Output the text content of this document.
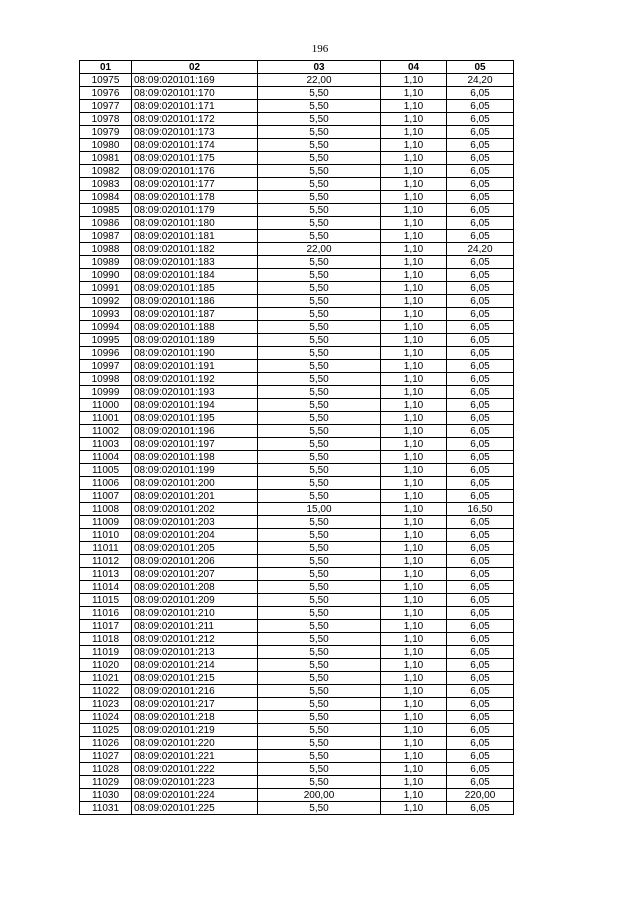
196
01	02	03	04	05
10975	08:09:020101:169	22,00	1,10	24,20
10976	08:09:020101:170	5,50	1,10	6,05
10977	08:09:020101:171	5,50	1,10	6,05
10978	08:09:020101:172	5,50	1,10	6,05
10979	08:09:020101:173	5,50	1,10	6,05
10980	08:09:020101:174	5,50	1,10	6,05
10981	08:09:020101:175	5,50	1,10	6,05
10982	08:09:020101:176	5,50	1,10	6,05
10983	08:09:020101:177	5,50	1,10	6,05
10984	08:09:020101:178	5,50	1,10	6,05
10985	08:09:020101:179	5,50	1,10	6,05
10986	08:09:020101:180	5,50	1,10	6,05
10987	08:09:020101:181	5,50	1,10	6,05
10988	08:09:020101:182	22,00	1,10	24,20
10989	08:09:020101:183	5,50	1,10	6,05
10990	08:09:020101:184	5,50	1,10	6,05
10991	08:09:020101:185	5,50	1,10	6,05
10992	08:09:020101:186	5,50	1,10	6,05
10993	08:09:020101:187	5,50	1,10	6,05
10994	08:09:020101:188	5,50	1,10	6,05
10995	08:09:020101:189	5,50	1,10	6,05
10996	08:09:020101:190	5,50	1,10	6,05
10997	08:09:020101:191	5,50	1,10	6,05
10998	08:09:020101:192	5,50	1,10	6,05
10999	08:09:020101:193	5,50	1,10	6,05
11000	08:09:020101:194	5,50	1,10	6,05
11001	08:09:020101:195	5,50	1,10	6,05
11002	08:09:020101:196	5,50	1,10	6,05
11003	08:09:020101:197	5,50	1,10	6,05
11004	08:09:020101:198	5,50	1,10	6,05
11005	08:09:020101:199	5,50	1,10	6,05
11006	08:09:020101:200	5,50	1,10	6,05
11007	08:09:020101:201	5,50	1,10	6,05
11008	08:09:020101:202	15,00	1,10	16,50
11009	08:09:020101:203	5,50	1,10	6,05
11010	08:09:020101:204	5,50	1,10	6,05
11011	08:09:020101:205	5,50	1,10	6,05
11012	08:09:020101:206	5,50	1,10	6,05
11013	08:09:020101:207	5,50	1,10	6,05
11014	08:09:020101:208	5,50	1,10	6,05
11015	08:09:020101:209	5,50	1,10	6,05
11016	08:09:020101:210	5,50	1,10	6,05
11017	08:09:020101:211	5,50	1,10	6,05
11018	08:09:020101:212	5,50	1,10	6,05
11019	08:09:020101:213	5,50	1,10	6,05
11020	08:09:020101:214	5,50	1,10	6,05
11021	08:09:020101:215	5,50	1,10	6,05
11022	08:09:020101:216	5,50	1,10	6,05
11023	08:09:020101:217	5,50	1,10	6,05
11024	08:09:020101:218	5,50	1,10	6,05
11025	08:09:020101:219	5,50	1,10	6,05
11026	08:09:020101:220	5,50	1,10	6,05
11027	08:09:020101:221	5,50	1,10	6,05
11028	08:09:020101:222	5,50	1,10	6,05
11029	08:09:020101:223	5,50	1,10	6,05
11030	08:09:020101:224	200,00	1,10	220,00
11031	08:09:020101:225	5,50	1,10	6,05
